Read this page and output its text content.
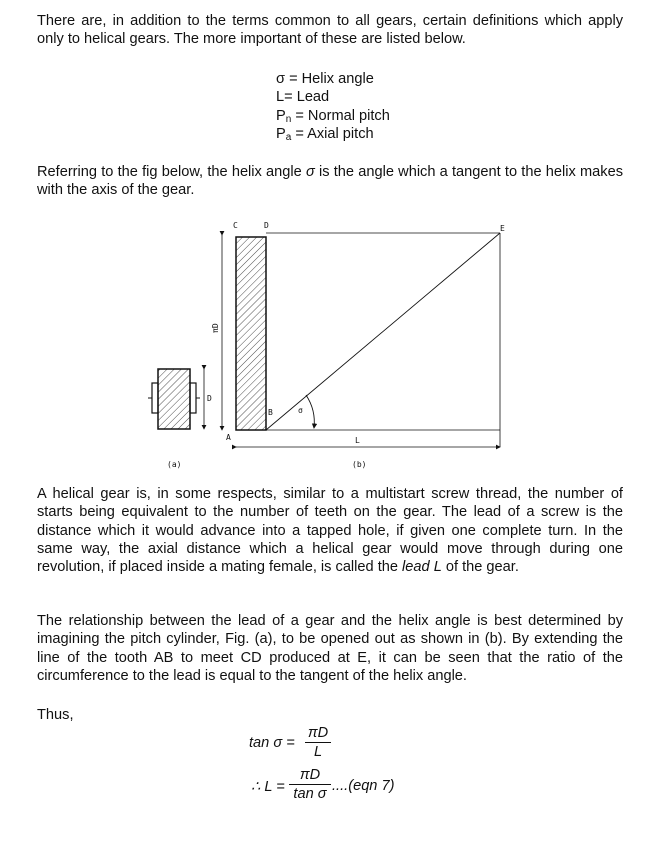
There are, in addition to the terms common to all gears, certain definitions which apply only to helical gears. The more important of these are listed below.

σ = Helix angle
L= Lead
$P_n$ = Normal pitch
$P_a$ = Axial pitch

Referring to the fig below, the helix angle σ is the angle which a tangent to the helix makes with the axis of the gear.

D
C	D	E
A
B	σ
L
πD
(a)	(b)

A helical gear is, in some respects, similar to a multistart screw thread, the number of starts being equivalent to the number of teeth on the gear. The lead of a screw is the distance which it would advance into a tapped hole, if given one complete turn. In the same way, the axial distance which a helical gear would move through during one revolution, if placed inside a mating female, is called the lead L of the gear.

The relationship between the lead of a gear and the helix angle is best determined by imagining the pitch cylinder, Fig. (a), to be opened out as shown in (b). By extending the line of the tooth AB to meet CD produced at E, it can be seen that the ratio of the circumference to the lead is equal to the tangent of the helix angle.

Thus,

tan σ =
πD
L
∴ L =
πD
tan σ ....(eqn 7)
